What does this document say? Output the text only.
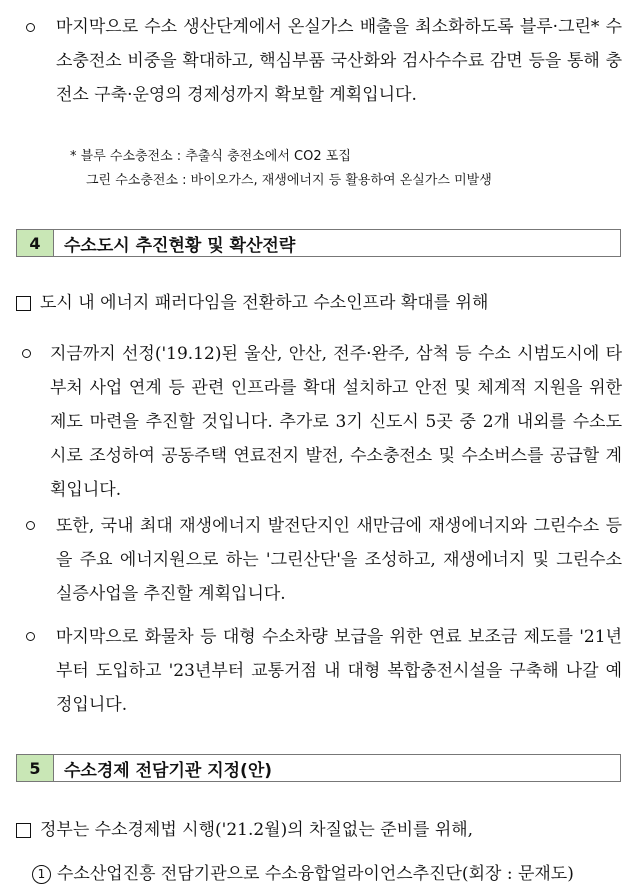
마지막으로 수소 생산단계에서 온실가스 배출을 최소화하도록 블루·그린* 수소충전소 비중을 확대하고, 핵심부품 국산화와 검사수수료 감면 등을 통해 충전소 구축·운영의 경제성까지 확보할 계획입니다.
* 블루 수소충전소 : 추출식 충전소에서 CO2 포집
그린 수소충전소 : 바이오가스, 재생에너지 등 활용하여 온실가스 미발생
4	수소도시 추진현황 및 확산전략
도시 내 에너지 패러다임을 전환하고 수소인프라 확대를 위해
지금까지 선정('19.12)된 울산, 안산, 전주·완주, 삼척 등 수소 시범도시에 타 부처 사업 연계 등 관련 인프라를 확대 설치하고 안전 및 체계적 지원을 위한 제도 마련을 추진할 것입니다. 추가로 3기 신도시 5곳 중 2개 내외를 수소도시로 조성하여 공동주택 연료전지 발전, 수소충전소 및 수소버스를 공급할 계획입니다.
또한, 국내 최대 재생에너지 발전단지인 새만금에 재생에너지와 그린수소 등을 주요 에너지원으로 하는 '그린산단'을 조성하고, 재생에너지 및 그린수소 실증사업을 추진할 계획입니다.
마지막으로 화물차 등 대형 수소차량 보급을 위한 연료 보조금 제도를 '21년부터 도입하고 '23년부터 교통거점 내 대형 복합충전시설을 구축해 나갈 예정입니다.
5	수소경제 전담기관 지정(안)
정부는 수소경제법 시행('21.2월)의 차질없는 준비를 위해,
1 수소산업진흥 전담기관으로 수소융합얼라이언스추진단(회장 : 문재도)
